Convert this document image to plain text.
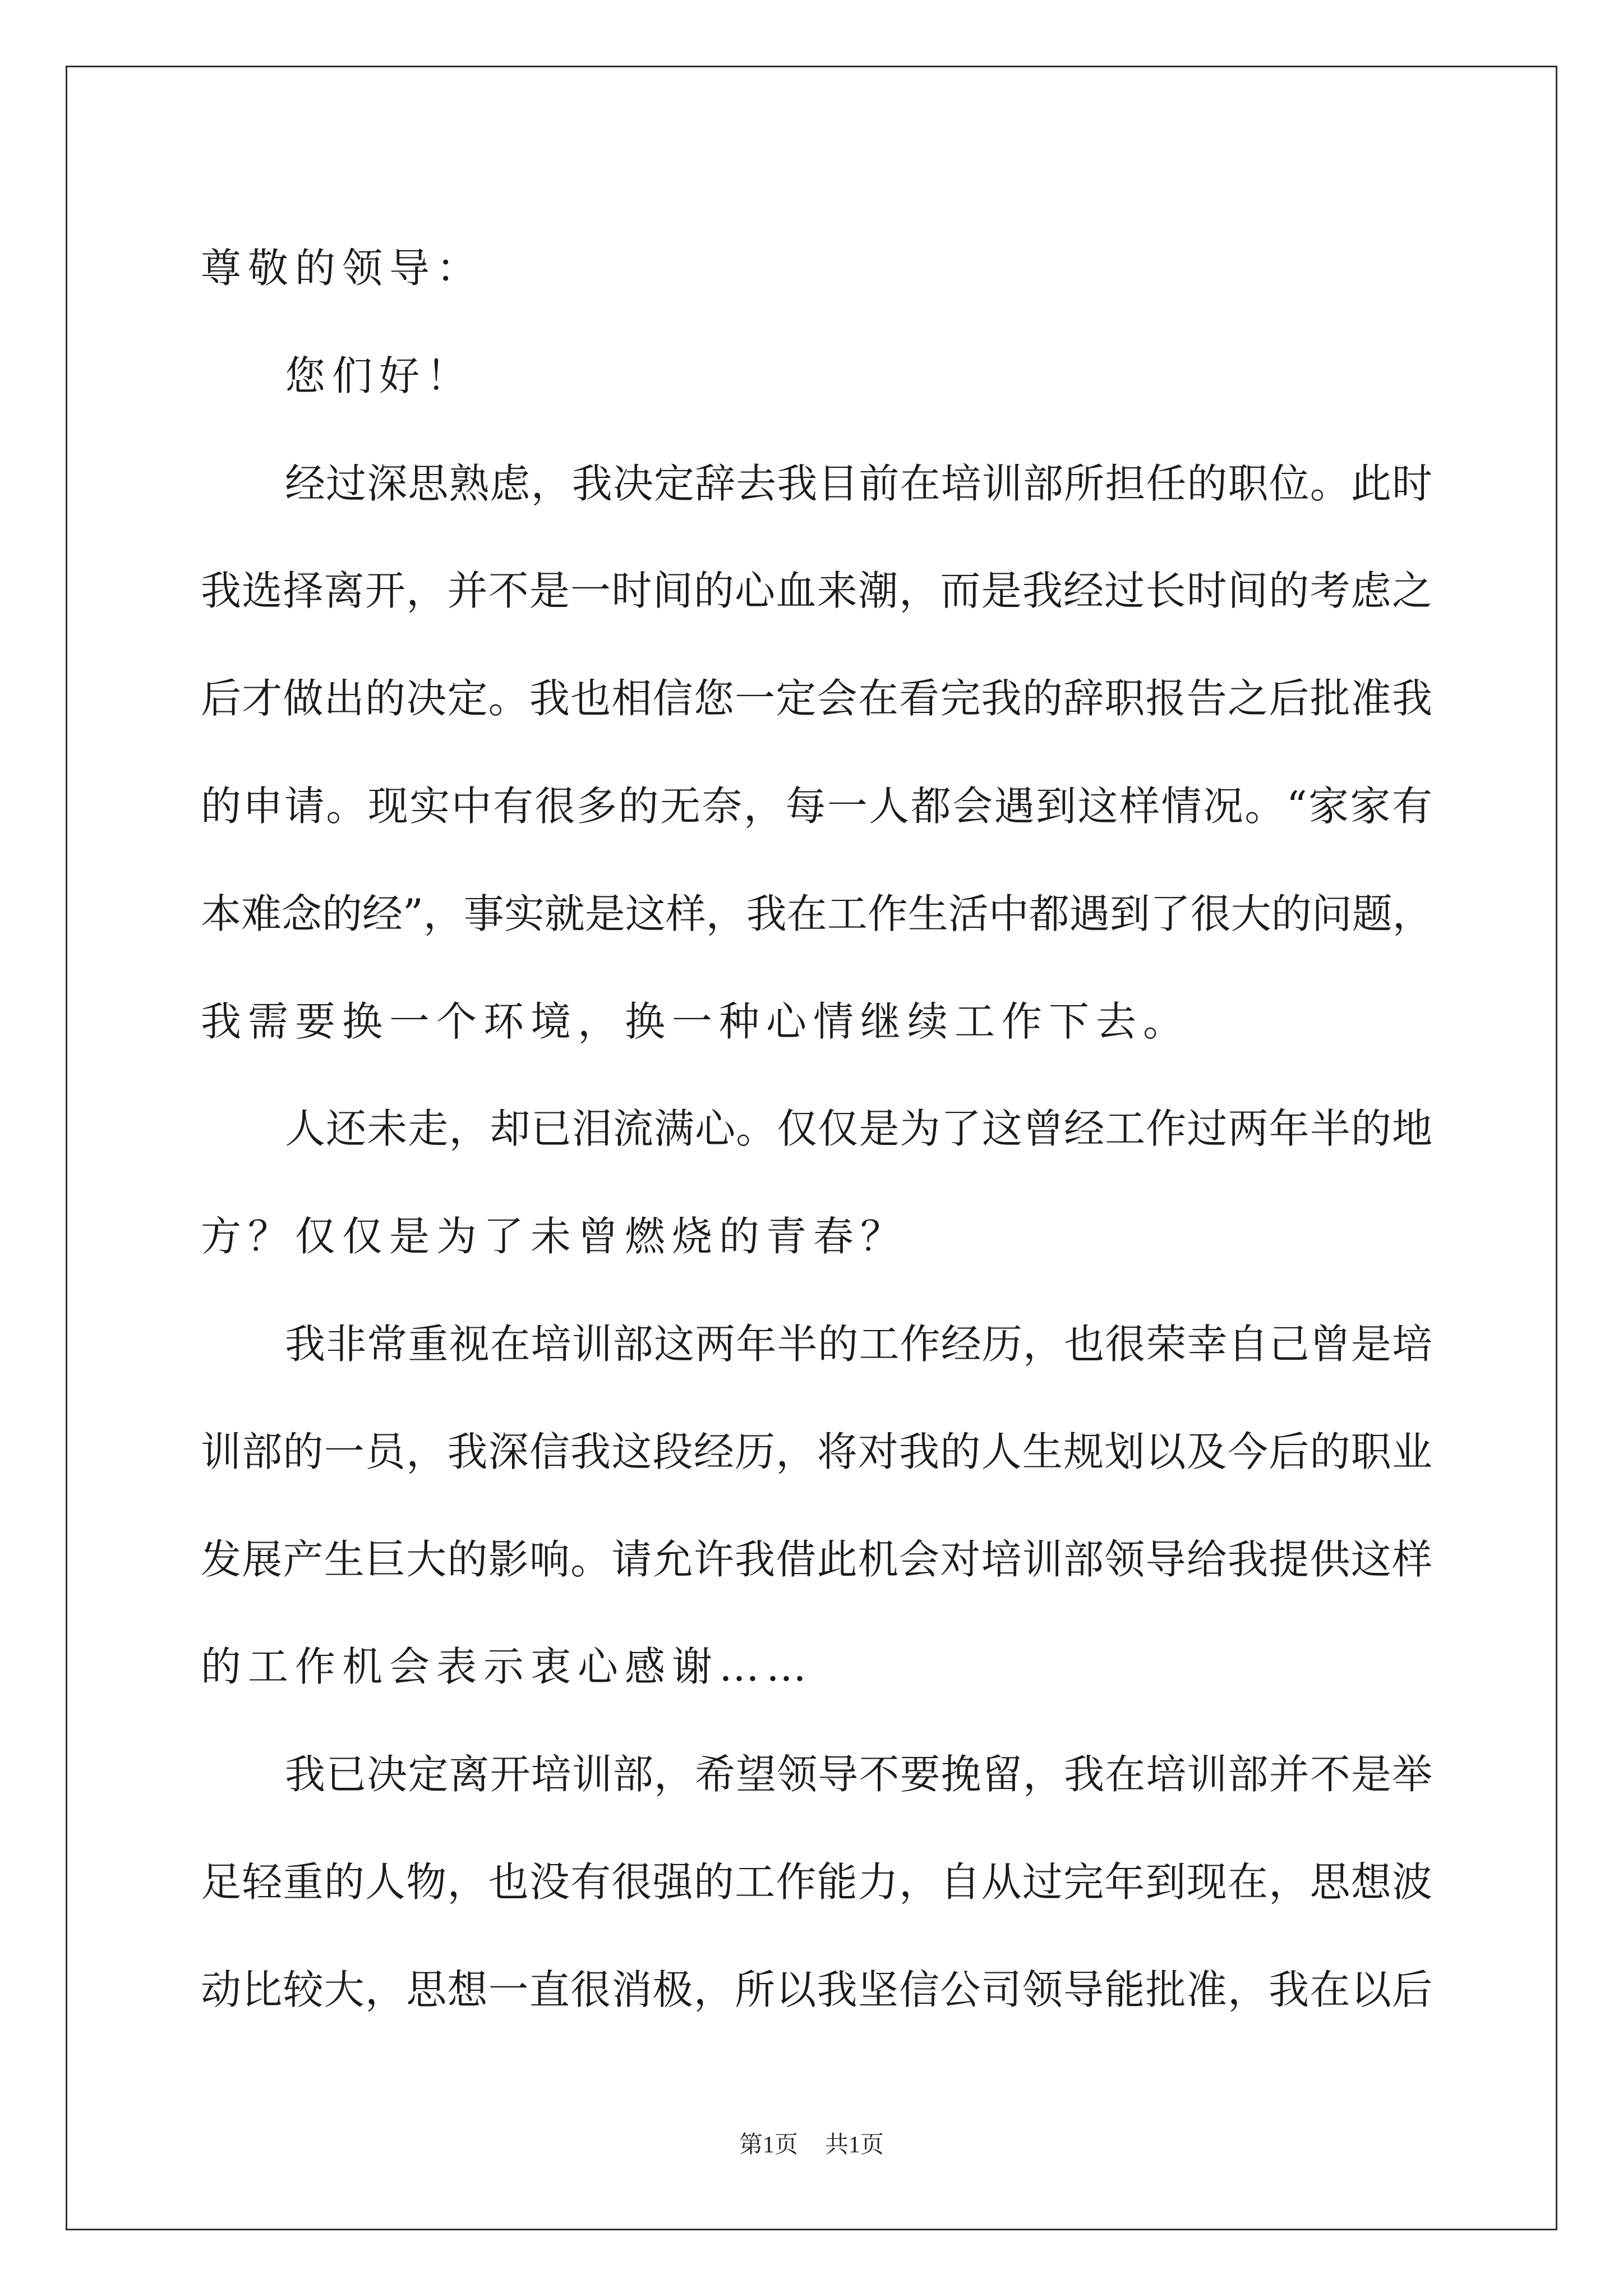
尊敬的领导：
您们好！
经过深思熟虑，我决定辞去我目前在培训部所担任的职位。此时
我选择离开，并不是一时间的心血来潮，而是我经过长时间的考虑之
后才做出的决定。我也相信您一定会在看完我的辞职报告之后批准我
的申请。现实中有很多的无奈，每一人都会遇到这样情况。“家家有
本难念的经”，事实就是这样，我在工作生活中都遇到了很大的问题，
我需要换一个环境，换一种心情继续工作下去。
人还未走，却已泪流满心。仅仅是为了这曾经工作过两年半的地
方？仅仅是为了未曾燃烧的青春？
我非常重视在培训部这两年半的工作经历，也很荣幸自己曾是培
训部的一员，我深信我这段经历，将对我的人生规划以及今后的职业
发展产生巨大的影响。请允许我借此机会对培训部领导给我提供这样
的工作机会表示衷心感谢……
我已决定离开培训部，希望领导不要挽留，我在培训部并不是举
足轻重的人物，也没有很强的工作能力，自从过完年到现在，思想波
动比较大，思想一直很消极，所以我坚信公司领导能批准，我在以后
第1页 共1页
